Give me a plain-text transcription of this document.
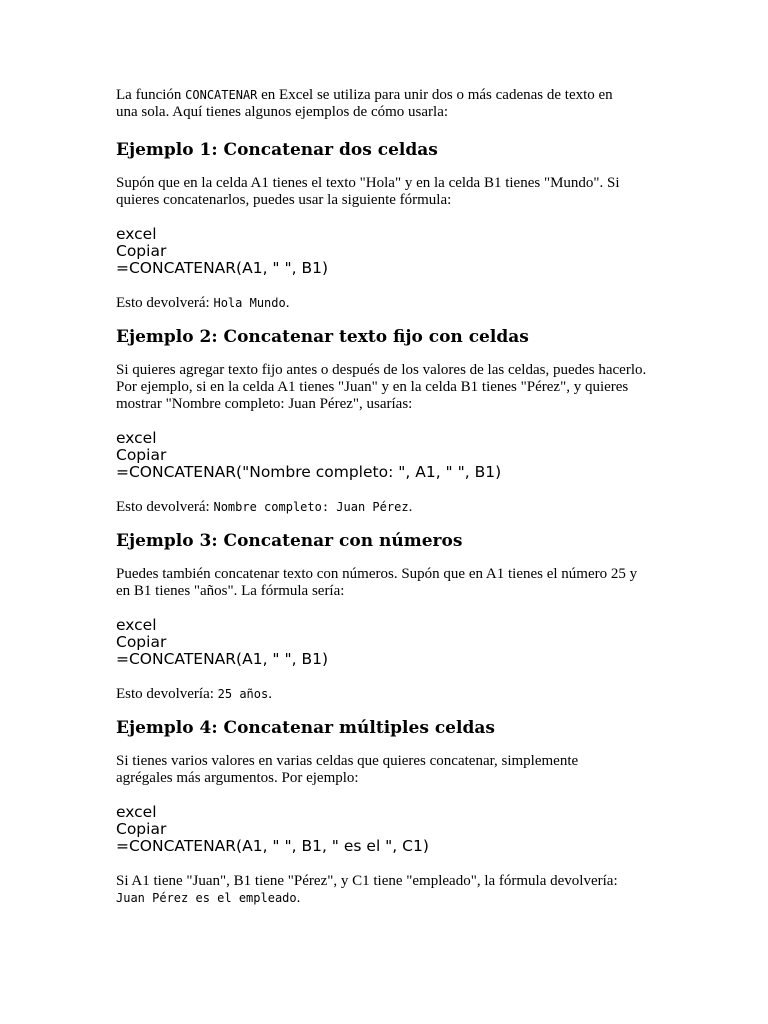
La función CONCATENAR en Excel se utiliza para unir dos o más cadenas de texto en una sola. Aquí tienes algunos ejemplos de cómo usarla:

Ejemplo 1: Concatenar dos celdas

Supón que en la celda A1 tienes el texto "Hola" y en la celda B1 tienes "Mundo". Si quieres concatenarlos, puedes usar la siguiente fórmula:

excel
Copiar
=CONCATENAR(A1, " ", B1)

Esto devolverá: Hola Mundo.

Ejemplo 2: Concatenar texto fijo con celdas

Si quieres agregar texto fijo antes o después de los valores de las celdas, puedes hacerlo. Por ejemplo, si en la celda A1 tienes "Juan" y en la celda B1 tienes "Pérez", y quieres mostrar "Nombre completo: Juan Pérez", usarías:

excel
Copiar
=CONCATENAR("Nombre completo: ", A1, " ", B1)

Esto devolverá: Nombre completo: Juan Pérez.

Ejemplo 3: Concatenar con números

Puedes también concatenar texto con números. Supón que en A1 tienes el número 25 y en B1 tienes "años". La fórmula sería:

excel
Copiar
=CONCATENAR(A1, " ", B1)

Esto devolvería: 25 años.

Ejemplo 4: Concatenar múltiples celdas

Si tienes varios valores en varias celdas que quieres concatenar, simplemente agrégales más argumentos. Por ejemplo:

excel
Copiar
=CONCATENAR(A1, " ", B1, " es el ", C1)

Si A1 tiene "Juan", B1 tiene "Pérez", y C1 tiene "empleado", la fórmula devolvería: Juan Pérez es el empleado.
